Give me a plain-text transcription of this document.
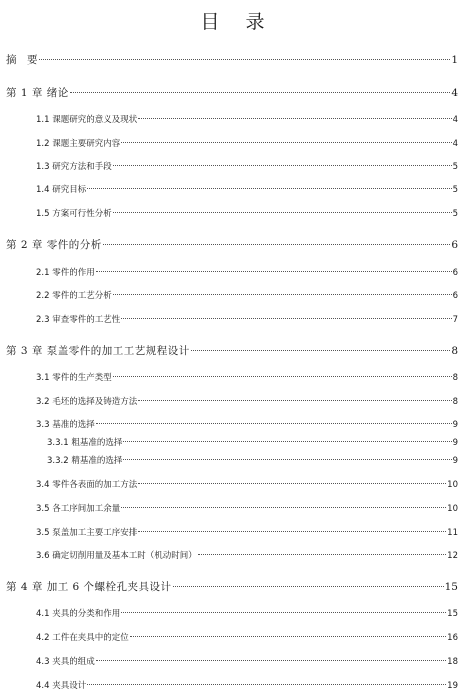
目 录
摘　要	1
第 1 章 绪论	4
1.1 课题研究的意义及现状	4
1.2 课题主要研究内容	4
1.3 研究方法和手段	5
1.4 研究目标	5
1.5 方案可行性分析	5
第 2 章 零件的分析	6
2.1 零件的作用	6
2.2 零件的工艺分析	6
2.3 审查零件的工艺性	7
第 3 章 泵盖零件的加工工艺规程设计	8
3.1 零件的生产类型	8
3.2 毛坯的选择及铸造方法	8
3.3 基准的选择	9
3.3.1 粗基准的选择	9
3.3.2 精基准的选择	9
3.4 零件各表面的加工方法	10
3.5 各工序间加工余量	10
3.5 泵盖加工主要工序安排	11
3.6 确定切削用量及基本工时（机动时间）	12
第 4 章 加工 6 个螺栓孔夹具设计	15
4.1 夹具的分类和作用	15
4.2 工件在夹具中的定位	16
4.3 夹具的组成	18
4.4 夹具设计	19
